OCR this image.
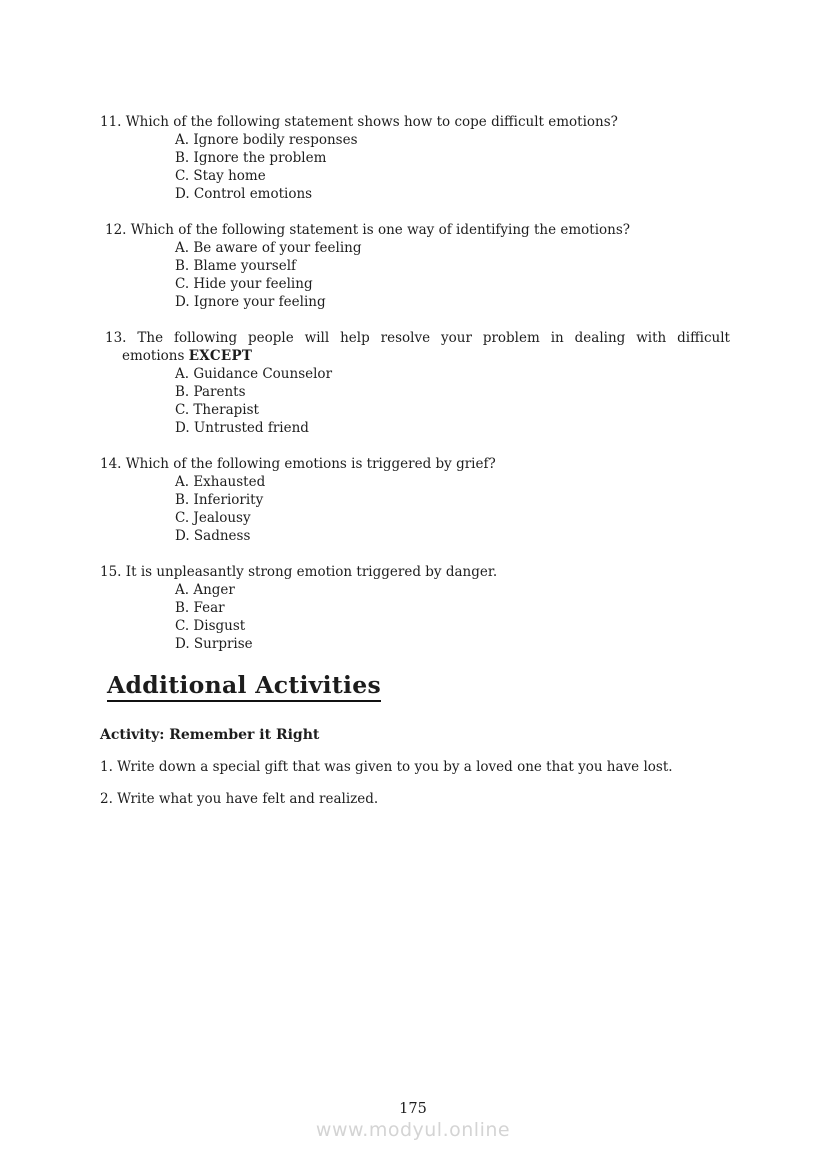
11. Which of the following statement shows how to cope difficult emotions?
A. Ignore bodily responses
B. Ignore the problem
C. Stay home
D. Control emotions
12. Which of the following statement is one way of identifying the emotions?
A. Be aware of your feeling
B. Blame yourself
C. Hide your feeling
D. Ignore your feeling
13. The following people will help resolve your problem in dealing with difficult
emotions EXCEPT
A. Guidance Counselor
B. Parents
C. Therapist
D. Untrusted friend
14. Which of the following emotions is triggered by grief?
A. Exhausted
B. Inferiority
C. Jealousy
D. Sadness
15. It is unpleasantly strong emotion triggered by danger.
A. Anger
B. Fear
C. Disgust
D. Surprise
Additional Activities
Activity: Remember it Right
1. Write down a special gift that was given to you by a loved one that you have lost.
2. Write what you have felt and realized.
175
www.modyul.online
